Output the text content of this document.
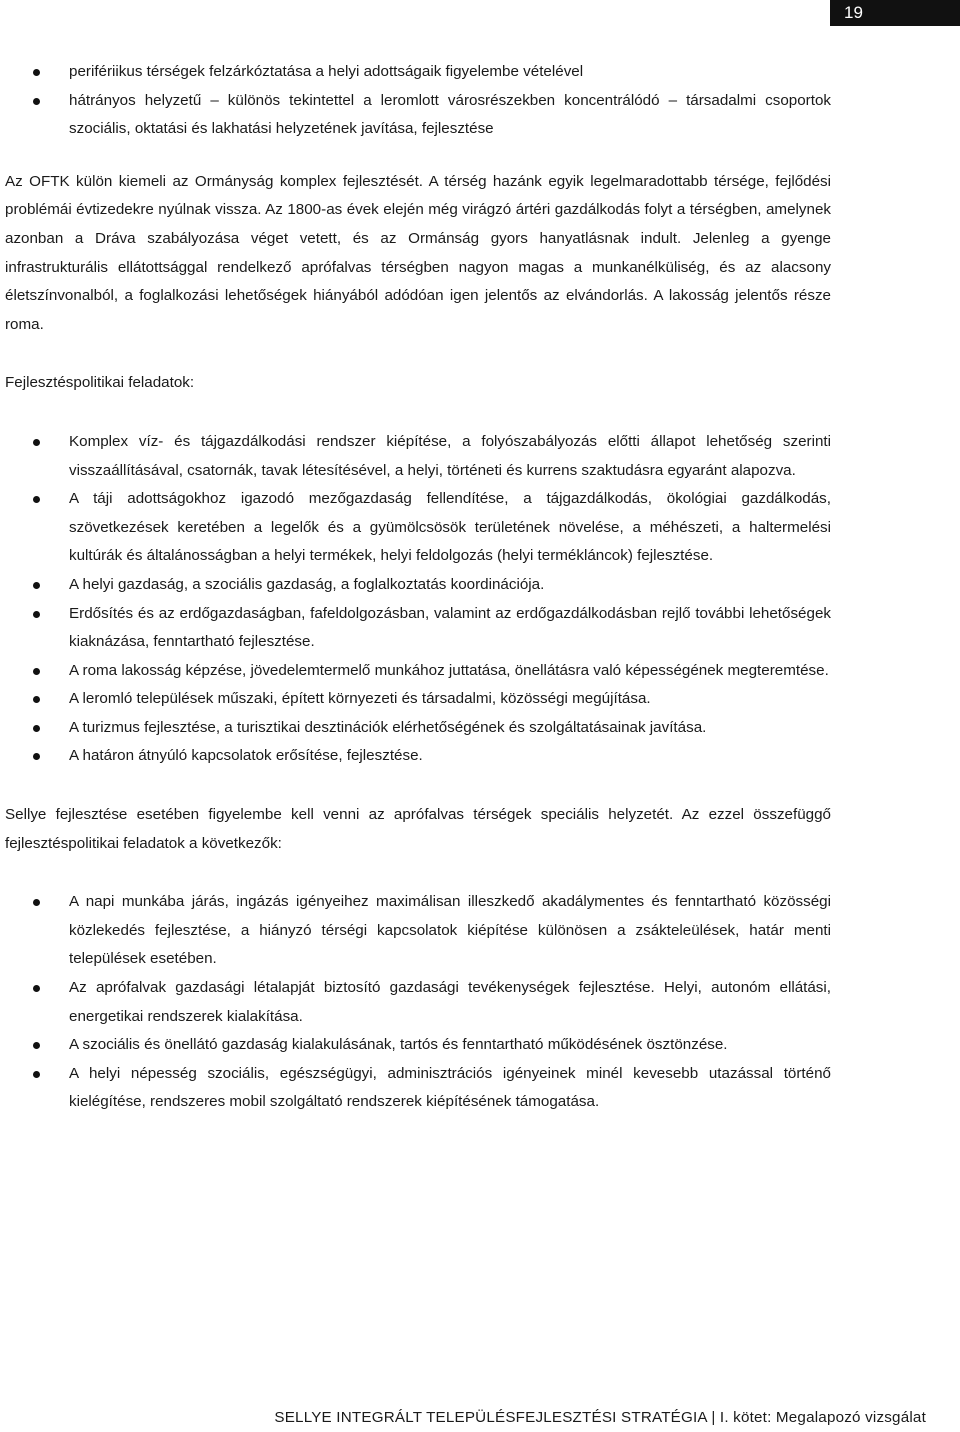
19
perifériikus térségek felzárkóztatása a helyi adottságaik figyelembe vételével
hátrányos helyzetű – különös tekintettel a leromlott városrészekben koncentrálódó – társadalmi csoportok szociális, oktatási és lakhatási helyzetének javítása, fejlesztése

Az OFTK külön kiemeli az Ormányság komplex fejlesztését. A térség hazánk egyik legelmaradottabb térsége, fejlődési problémái évtizedekre nyúlnak vissza. Az 1800-as évek elején még virágzó ártéri gazdálkodás folyt a térségben, amelynek azonban a Dráva szabályozása véget vetett, és az Ormánság gyors hanyatlásnak indult. Jelenleg a gyenge infrastrukturális ellátottsággal rendelkező aprófalvas térségben nagyon magas a munkanélküliség, és az alacsony életszínvonalból, a foglalkozási lehetőségek hiányából adódóan igen jelentős az elvándorlás. A lakosság jelentős része roma.

Fejlesztéspolitikai feladatok:

Komplex víz- és tájgazdálkodási rendszer kiépítése, a folyószabályozás előtti állapot lehetőség szerinti visszaállításával, csatornák, tavak létesítésével, a helyi, történeti és kurrens szaktudásra egyaránt alapozva.
A táji adottságokhoz igazodó mezőgazdaság fellendítése, a tájgazdálkodás, ökológiai gazdálkodás, szövetkezések keretében a legelők és a gyümölcsösök területének növelése, a méhészeti, a haltermelési kultúrák és általánosságban a helyi termékek, helyi feldolgozás (helyi termékláncok) fejlesztése.
A helyi gazdaság, a szociális gazdaság, a foglalkoztatás koordinációja.
Erdősítés és az erdőgazdaságban, fafeldolgozásban, valamint az erdőgazdálkodásban rejlő további lehetőségek kiaknázása, fenntartható fejlesztése.
A roma lakosság képzése, jövedelemtermelő munkához juttatása, önellátásra való képességének megteremtése.
A leromló települések műszaki, épített környezeti és társadalmi, közösségi megújítása.
A turizmus fejlesztése, a turisztikai desztinációk elérhetőségének és szolgáltatásainak javítása.
A határon átnyúló kapcsolatok erősítése, fejlesztése.

Sellye fejlesztése esetében figyelembe kell venni az aprófalvas térségek speciális helyzetét. Az ezzel összefüggő fejlesztéspolitikai feladatok a következők:

A napi munkába járás, ingázás igényeihez maximálisan illeszkedő akadálymentes és fenntartható közösségi közlekedés fejlesztése, a hiányzó térségi kapcsolatok kiépítése különösen a zsákteleülések, határ menti települések esetében.
Az aprófalvak gazdasági létalapját biztosító gazdasági tevékenységek fejlesztése. Helyi, autonóm ellátási, energetikai rendszerek kialakítása.
A szociális és önellátó gazdaság kialakulásának, tartós és fenntartható működésének ösztönzése.
A helyi népesség szociális, egészségügyi, adminisztrációs igényeinek minél kevesebb utazással történő kielégítése, rendszeres mobil szolgáltató rendszerek kiépítésének támogatása.
SELLYE INTEGRÁLT TELEPÜLÉSFEJLESZTÉSI STRATÉGIA | I. kötet: Megalapozó vizsgálat
